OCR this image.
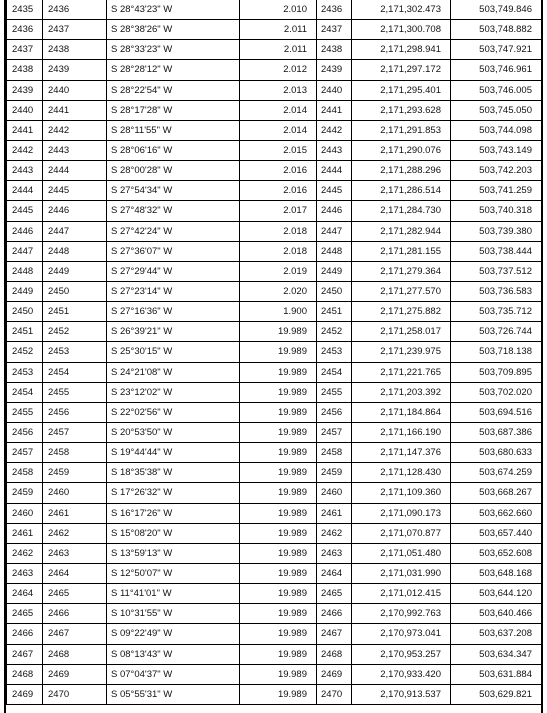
2435	2436	S 28°43'23" W	2.010	2436	2,171,302.473	503,749.846
2436	2437	S 28°38'26" W	2.011	2437	2,171,300.708	503,748.882
2437	2438	S 28°33'23" W	2.011	2438	2,171,298.941	503,747.921
2438	2439	S 28°28'12" W	2.012	2439	2,171,297.172	503,746.961
2439	2440	S 28°22'54" W	2.013	2440	2,171,295.401	503,746.005
2440	2441	S 28°17'28" W	2.014	2441	2,171,293.628	503,745.050
2441	2442	S 28°11'55" W	2.014	2442	2,171,291.853	503,744.098
2442	2443	S 28°06'16" W	2.015	2443	2,171,290.076	503,743.149
2443	2444	S 28°00'28" W	2.016	2444	2,171,288.296	503,742.203
2444	2445	S 27°54'34" W	2.016	2445	2,171,286.514	503,741.259
2445	2446	S 27°48'32" W	2.017	2446	2,171,284.730	503,740.318
2446	2447	S 27°42'24" W	2.018	2447	2,171,282.944	503,739.380
2447	2448	S 27°36'07" W	2.018	2448	2,171,281.155	503,738.444
2448	2449	S 27°29'44" W	2.019	2449	2,171,279.364	503,737.512
2449	2450	S 27°23'14" W	2.020	2450	2,171,277.570	503,736.583
2450	2451	S 27°16'36" W	1.900	2451	2,171,275.882	503,735.712
2451	2452	S 26°39'21" W	19.989	2452	2,171,258.017	503,726.744
2452	2453	S 25°30'15" W	19.989	2453	2,171,239.975	503,718.138
2453	2454	S 24°21'08" W	19.989	2454	2,171,221.765	503,709.895
2454	2455	S 23°12'02" W	19.989	2455	2,171,203.392	503,702.020
2455	2456	S 22°02'56" W	19.989	2456	2,171,184.864	503,694.516
2456	2457	S 20°53'50" W	19.989	2457	2,171,166.190	503,687.386
2457	2458	S 19°44'44" W	19.989	2458	2,171,147.376	503,680.633
2458	2459	S 18°35'38" W	19.989	2459	2,171,128.430	503,674.259
2459	2460	S 17°26'32" W	19.989	2460	2,171,109.360	503,668.267
2460	2461	S 16°17'26" W	19.989	2461	2,171,090.173	503,662.660
2461	2462	S 15°08'20" W	19.989	2462	2,171,070.877	503,657.440
2462	2463	S 13°59'13" W	19.989	2463	2,171,051.480	503,652.608
2463	2464	S 12°50'07" W	19.989	2464	2,171,031.990	503,648.168
2464	2465	S 11°41'01" W	19.989	2465	2,171,012.415	503,644.120
2465	2466	S 10°31'55" W	19.989	2466	2,170,992.763	503,640.466
2466	2467	S 09°22'49" W	19.989	2467	2,170,973.041	503,637.208
2467	2468	S 08°13'43" W	19.989	2468	2,170,953.257	503,634.347
2468	2469	S 07°04'37" W	19.989	2469	2,170,933.420	503,631.884
2469	2470	S 05°55'31" W	19.989	2470	2,170,913.537	503,629.821
